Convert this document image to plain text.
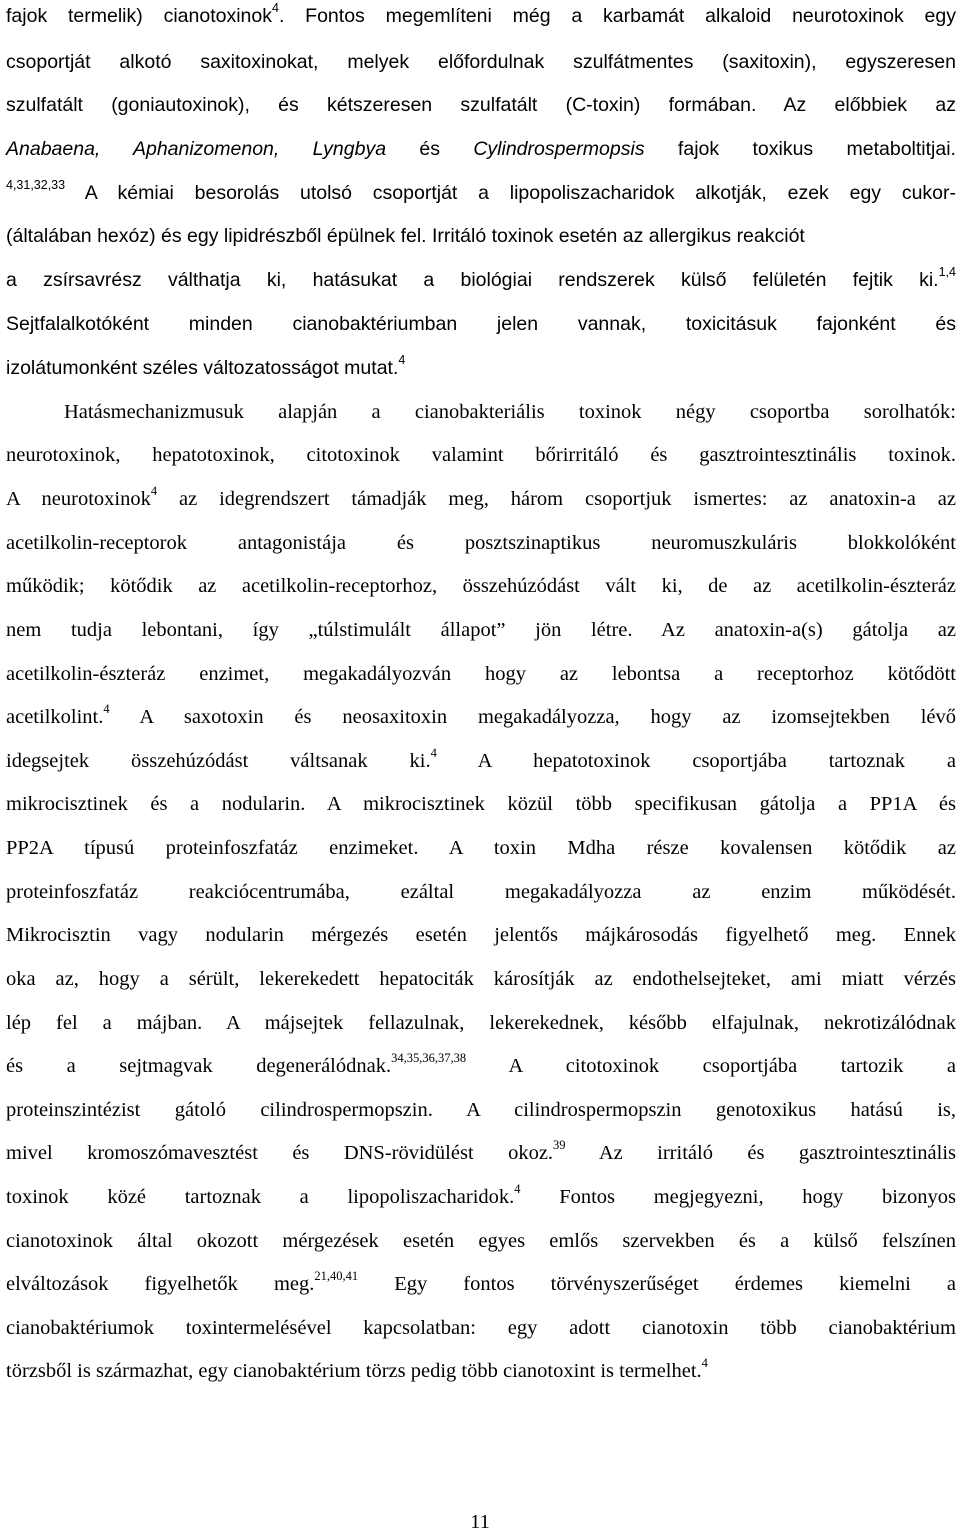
fajok termelik) cianotoxinok$^4$. Fontos megemlíteni még a karbamát alkaloid neurotoxinok egy
csoportját alkotó saxitoxinokat, melyek előfordulnak szulfátmentes (saxitoxin), egyszeresen
szulfatált (goniautoxinok), és kétszeresen szulfatált (C-toxin) formában. Az előbbiek az
Anabaena, Aphanizomenon, Lyngbya és Cylindrospermopsis fajok toxikus metaboltitjai.
$^{4,31,32,33}$ A kémiai besorolás utolsó csoportját a lipopoliszacharidok alkotják, ezek egy cukor-
(általában hexóz) és egy lipidrészből épülnek fel. Irritáló toxinok esetén az allergikus reakciót
a zsírsavrész válthatja ki, hatásukat a biológiai rendszerek külső felületén fejtik ki.$^{1,4}$
Sejtfalalkotóként minden cianobaktériumban jelen vannak, toxicitásuk fajonként és
izolátumonként széles változatosságot mutat.$^4$
Hatásmechanizmusuk alapján a cianobakteriális toxinok négy csoportba sorolhatók:
neurotoxinok, hepatotoxinok, citotoxinok valamint bőrirritáló és gasztrointesztinális toxinok.
A neurotoxinok$^4$ az idegrendszert támadják meg, három csoportjuk ismertes: az anatoxin-a az
acetilkolin-receptorok antagonistája és posztszinaptikus neuromuszkuláris blokkolóként
működik; kötődik az acetilkolin-receptorhoz, összehúzódást vált ki, de az acetilkolin-észteráz
nem tudja lebontani, így „túlstimulált állapot” jön létre. Az anatoxin-a(s) gátolja az
acetilkolin-észteráz enzimet, megakadályozván hogy az lebontsa a receptorhoz kötődött
acetilkolint.$^4$ A saxotoxin és neosaxitoxin megakadályozza, hogy az izomsejtekben lévő
idegsejtek összehúzódást váltsanak ki.$^4$ A hepatotoxinok csoportjába tartoznak a
mikrocisztinek és a nodularin. A mikrocisztinek közül több specifikusan gátolja a PP1A és
PP2A típusú proteinfoszfatáz enzimeket. A toxin Mdha része kovalensen kötődik az
proteinfoszfatáz reakciócentrumába, ezáltal megakadályozza az enzim működését.
Mikrocisztin vagy nodularin mérgezés esetén jelentős májkárosodás figyelhető meg. Ennek
oka az, hogy a sérült, lekerekedett hepatociták károsítják az endothelsejteket, ami miatt vérzés
lép fel a májban. A májsejtek fellazulnak, lekerekednek, később elfajulnak, nekrotizálódnak
és a sejtmagvak degenerálódnak.$^{34,35,36,37,38}$ A citotoxinok csoportjába tartozik a
proteinszintézist gátoló cilindrospermopszin. A cilindrospermopszin genotoxikus hatású is,
mivel kromoszómavesztést és DNS-rövidülést okoz.$^{39}$ Az irritáló és gasztrointesztinális
toxinok közé tartoznak a lipopoliszacharidok.$^4$ Fontos megjegyezni, hogy bizonyos
cianotoxinok által okozott mérgezések esetén egyes emlős szervekben és a külső felszínen
elváltozások figyelhetők meg.$^{21,40,41}$ Egy fontos törvényszerűséget érdemes kiemelni a
cianobaktériumok toxintermelésével kapcsolatban: egy adott cianotoxin több cianobaktérium
törzsből is származhat, egy cianobaktérium törzs pedig több cianotoxint is termelhet.$^4$
11
